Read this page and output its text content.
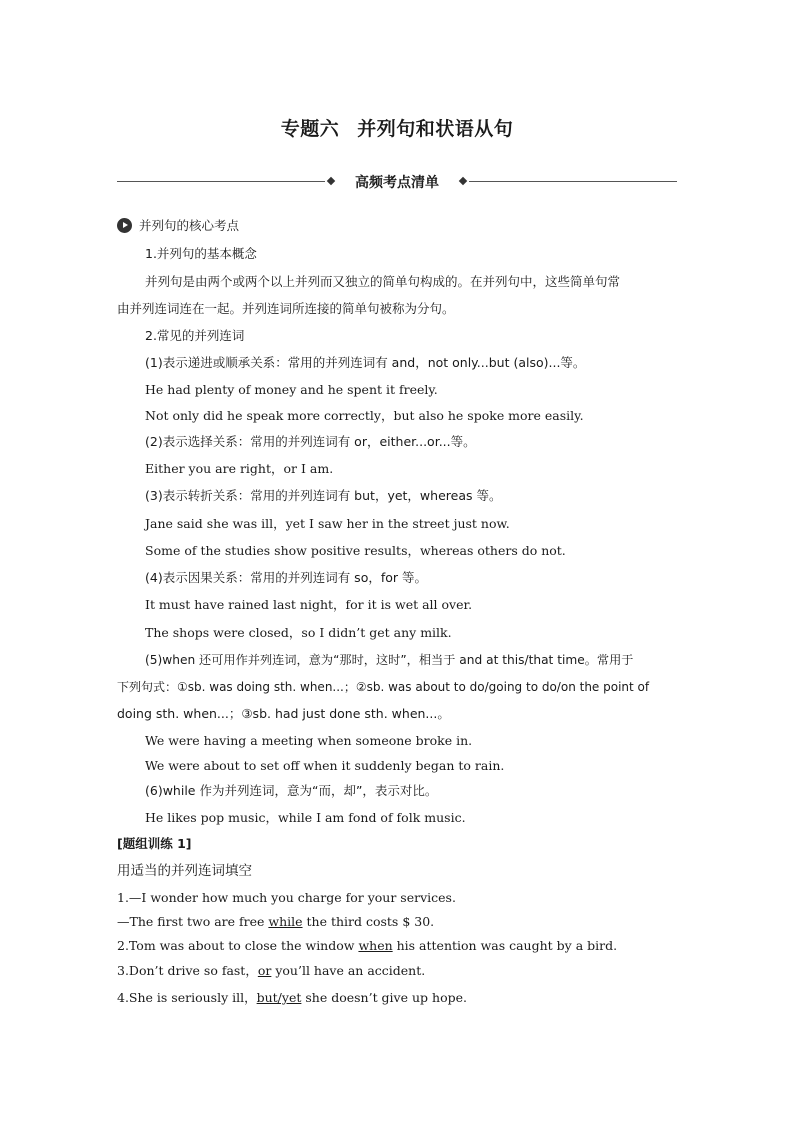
专题六 并列句和状语从句
高频考点清单
并列句的核心考点
1.并列句的基本概念
并列句是由两个或两个以上并列而又独立的简单句构成的。在并列句中，这些简单句常
由并列连词连在一起。并列连词所连接的简单句被称为分句。
2.常见的并列连词
(1)表示递进或顺承关系：常用的并列连词有 and，not only...but (also)...等。
He had plenty of money and he spent it freely.
Not only did he speak more correctly，but also he spoke more easily.
(2)表示选择关系：常用的并列连词有 or，either...or...等。
Either you are right，or I am.
(3)表示转折关系：常用的并列连词有 but，yet，whereas 等。
Jane said she was ill，yet I saw her in the street just now.
Some of the studies show positive results，whereas others do not.
(4)表示因果关系：常用的并列连词有 so，for 等。
It must have rained last night，for it is wet all over.
The shops were closed，so I didn’t get any milk.
(5)when 还可用作并列连词，意为“那时，这时”，相当于 and at this/that time。常用于
下列句式：①sb. was doing sth. when...；②sb. was about to do/going to do/on the point of
doing sth. when...；③sb. had just done sth. when...。
We were having a meeting when someone broke in.
We were about to set off when it suddenly began to rain.
(6)while 作为并列连词，意为“而，却”，表示对比。
He likes pop music，while I am fond of folk music.
[题组训练 1]
用适当的并列连词填空
1.—I wonder how much you charge for your services.
—The first two are free while the third costs $ 30.
2.Tom was about to close the window when his attention was caught by a bird.
3.Don’t drive so fast，or you’ll have an accident.
4.She is seriously ill，but/yet she doesn’t give up hope.
